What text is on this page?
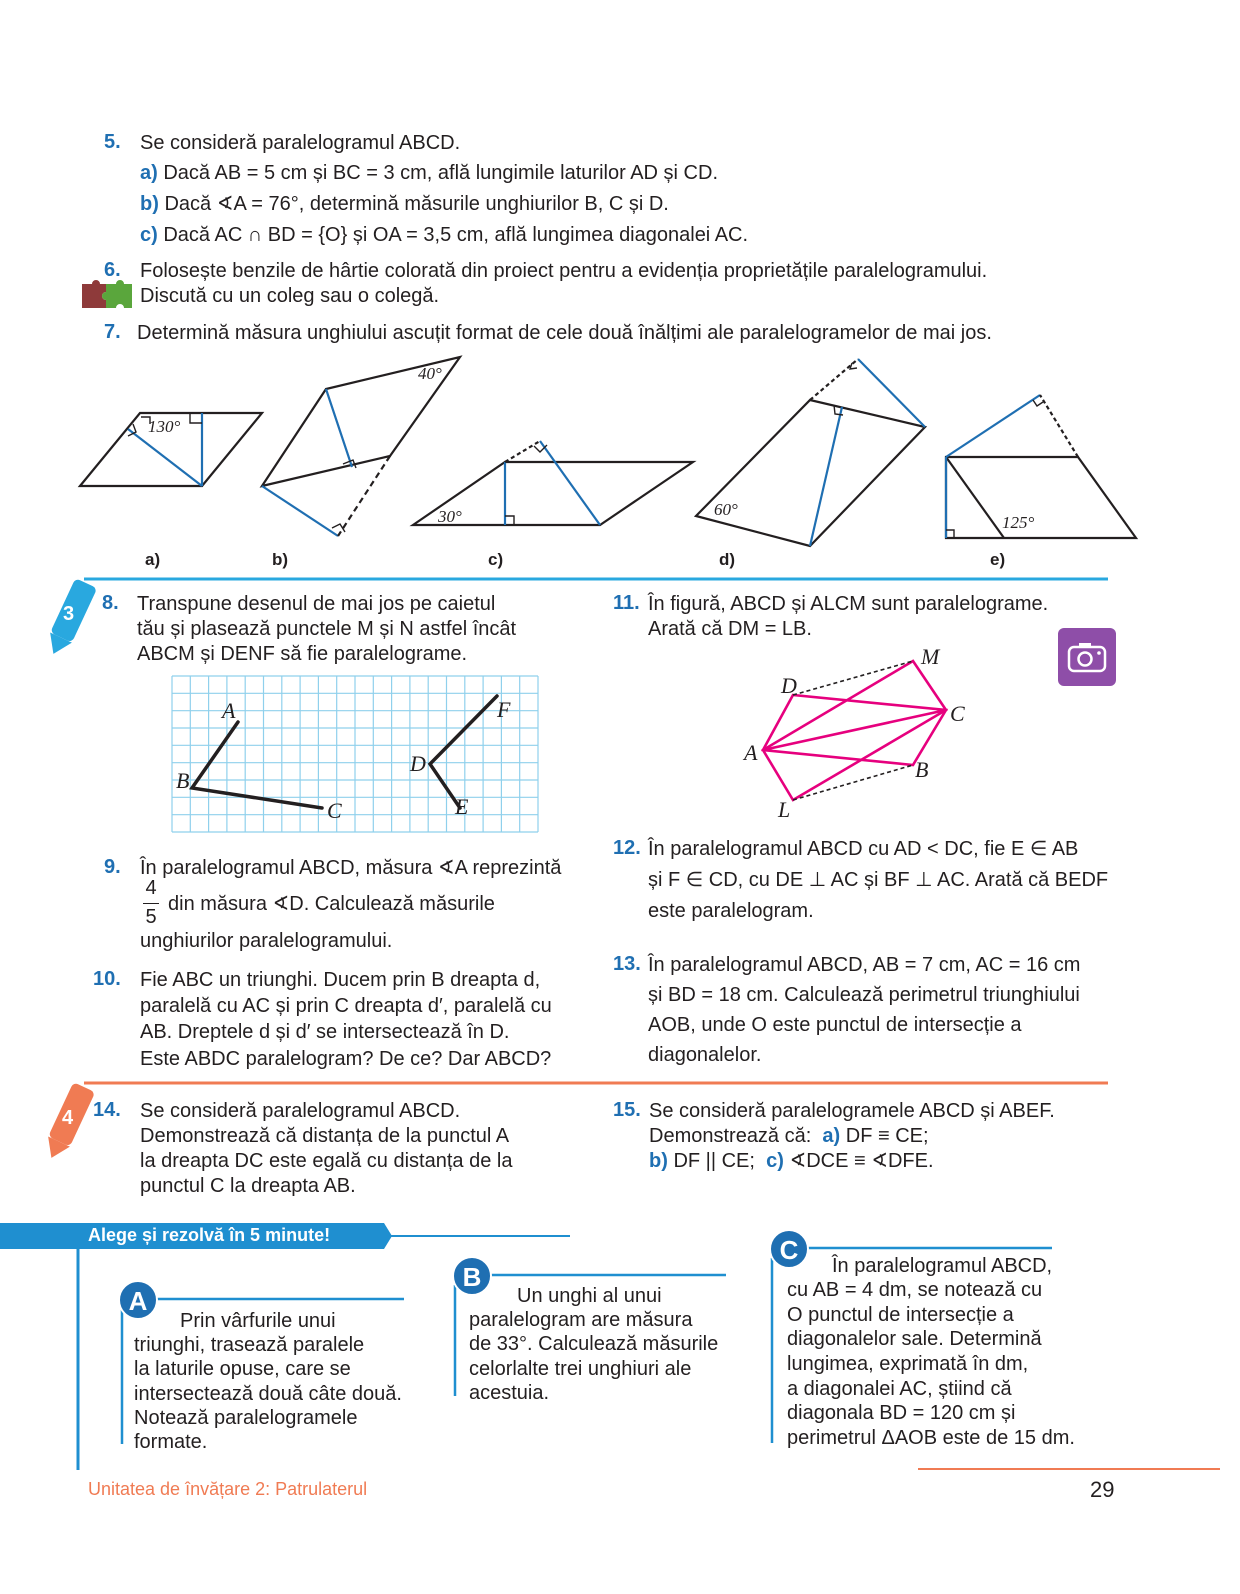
5. Se consideră paralelogramul ABCD.
a) Dacă AB = 5 cm și BC = 3 cm, află lungimile laturilor AD și CD.
b) Dacă ∢A = 76°, determină măsurile unghiurilor B, C și D.
c) Dacă AC ∩ BD = {O} și OA = 3,5 cm, află lungimea diagonalei AC.
6. Folosește benzile de hârtie colorată din proiect pentru a evidenția proprietățile paralelogramului.
Discută cu un coleg sau o colegă.
7. Determină măsura unghiului ascuțit format de cele două înălțimi ale paralelogramelor de mai jos.
130°
40°
30°	60°
125°
a)	b)	c)	d)	e)
3 8. Transpune desenul de mai jos pe caietul
tău și plasează punctele M și N astfel încât
ABCM și DENF să fie paralelograme.
A
B
C
D
E
F
9. În paralelogramul ABCD, măsura ∢A reprezintă
4
5
din măsura ∢D. Calculează măsurile
unghiurilor paralelogramului.
10. Fie ABC un triunghi. Ducem prin B dreapta d,
paralelă cu AC și prin C dreapta d′, paralelă cu
AB. Dreptele d și d′ se intersectează în D.
Este ABDC paralelogram? De ce? Dar ABCD?
11. În figură, ABCD și ALCM sunt paralelograme.
Arată că DM = LB.
A
B
C
D
L
M
12. În paralelogramul ABCD cu AD < DC, fie E ∈ AB
și F ∈ CD, cu DE ⊥ AC și BF ⊥ AC. Arată că BEDF
este paralelogram.
13. În paralelogramul ABCD, AB = 7 cm, AC = 16 cm
și BD = 18 cm. Calculează perimetrul triunghiului
AOB, unde O este punctul de intersecție a
diagonalelor.
4 14. Se consideră paralelogramul ABCD.
Demonstrează că distanța de la punctul A
la dreapta DC este egală cu distanța de la
punctul C la dreapta AB.
15. Se consideră paralelogramele ABCD și ABEF.
Demonstrează că: a) DF ≡ CE;
b) DF || CE; c) ∢DCE ≡ ∢DFE.
Alege și rezolvă în 5 minute!
A
B
C
Prin vârfurile unui
triunghi, trasează paralele
la laturile opuse, care se
intersectează două câte două.
Notează paralelogramele
formate.
Un unghi al unui
paralelogram are măsura
de 33°. Calculează măsurile
celorlalte trei unghiuri ale
acestuia.
În paralelogramul ABCD,
cu AB = 4 dm, se notează cu
O punctul de intersecție a
diagonalelor sale. Determină
lungimea, exprimată în dm,
a diagonalei AC, știind că
diagonala BD = 120 cm și
perimetrul ΔAOB este de 15 dm.
Unitatea de învățare 2: Patrulaterul	29
